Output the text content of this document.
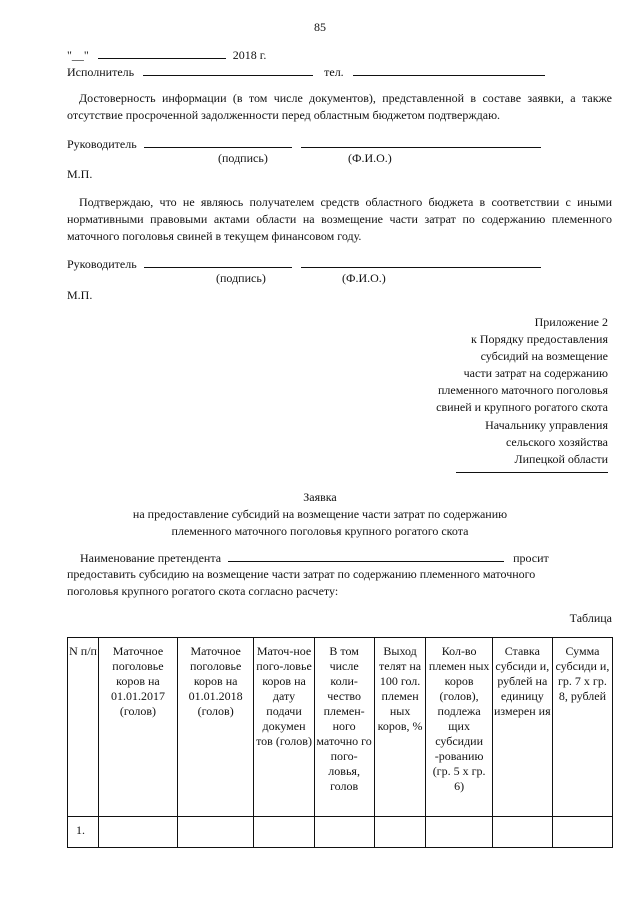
85
"__"	2018 г.
Исполнитель	тел.
Достоверность информации (в том числе документов), представленной в составе заявки, а также отсутствие просроченной задолженности перед областным бюджетом подтверждаю.
Руководитель
(подпись)	(Ф.И.О.)
М.П.
Подтверждаю, что не являюсь получателем средств областного бюджета в соответствии с иными нормативными правовыми актами области на возмещение части затрат по содержанию племенного маточного поголовья свиней в текущем финансовом году.
Руководитель
(подпись)	(Ф.И.О.)
М.П.
Приложение 2
к Порядку предоставления
субсидий на возмещение
части затрат на содержанию
племенного маточного поголовья
свиней и крупного рогатого скота
Начальнику управления
сельского хозяйства
Липецкой области
Заявка
на предоставление субсидий на возмещение части затрат по содержанию
племенного маточного поголовья крупного рогатого скота
Наименование претендента	просит
предоставить субсидию на возмещение части затрат по содержанию племенного маточного
поголовья крупного рогатого скота согласно расчету:
Таблица
N п/п	Маточное поголовье коров на 01.01.2017 (голов)	Маточное поголовье коров на 01.01.2018 (голов)	Маточ-ное пого-ловье коров на дату подачи докумен тов (голов)	В том числе коли-чество племен-ного маточно го пого-ловья, голов	Выход телят на 100 гол. племен ных коров, %	Кол-во племен ных коров (голов), подлежа щих субсидии -рованию (гр. 5 х гр. 6)	Ставка субсиди и, рублей на единицу измерен ия	Сумма субсиди и, гр. 7 х гр. 8, рублей
1.								
